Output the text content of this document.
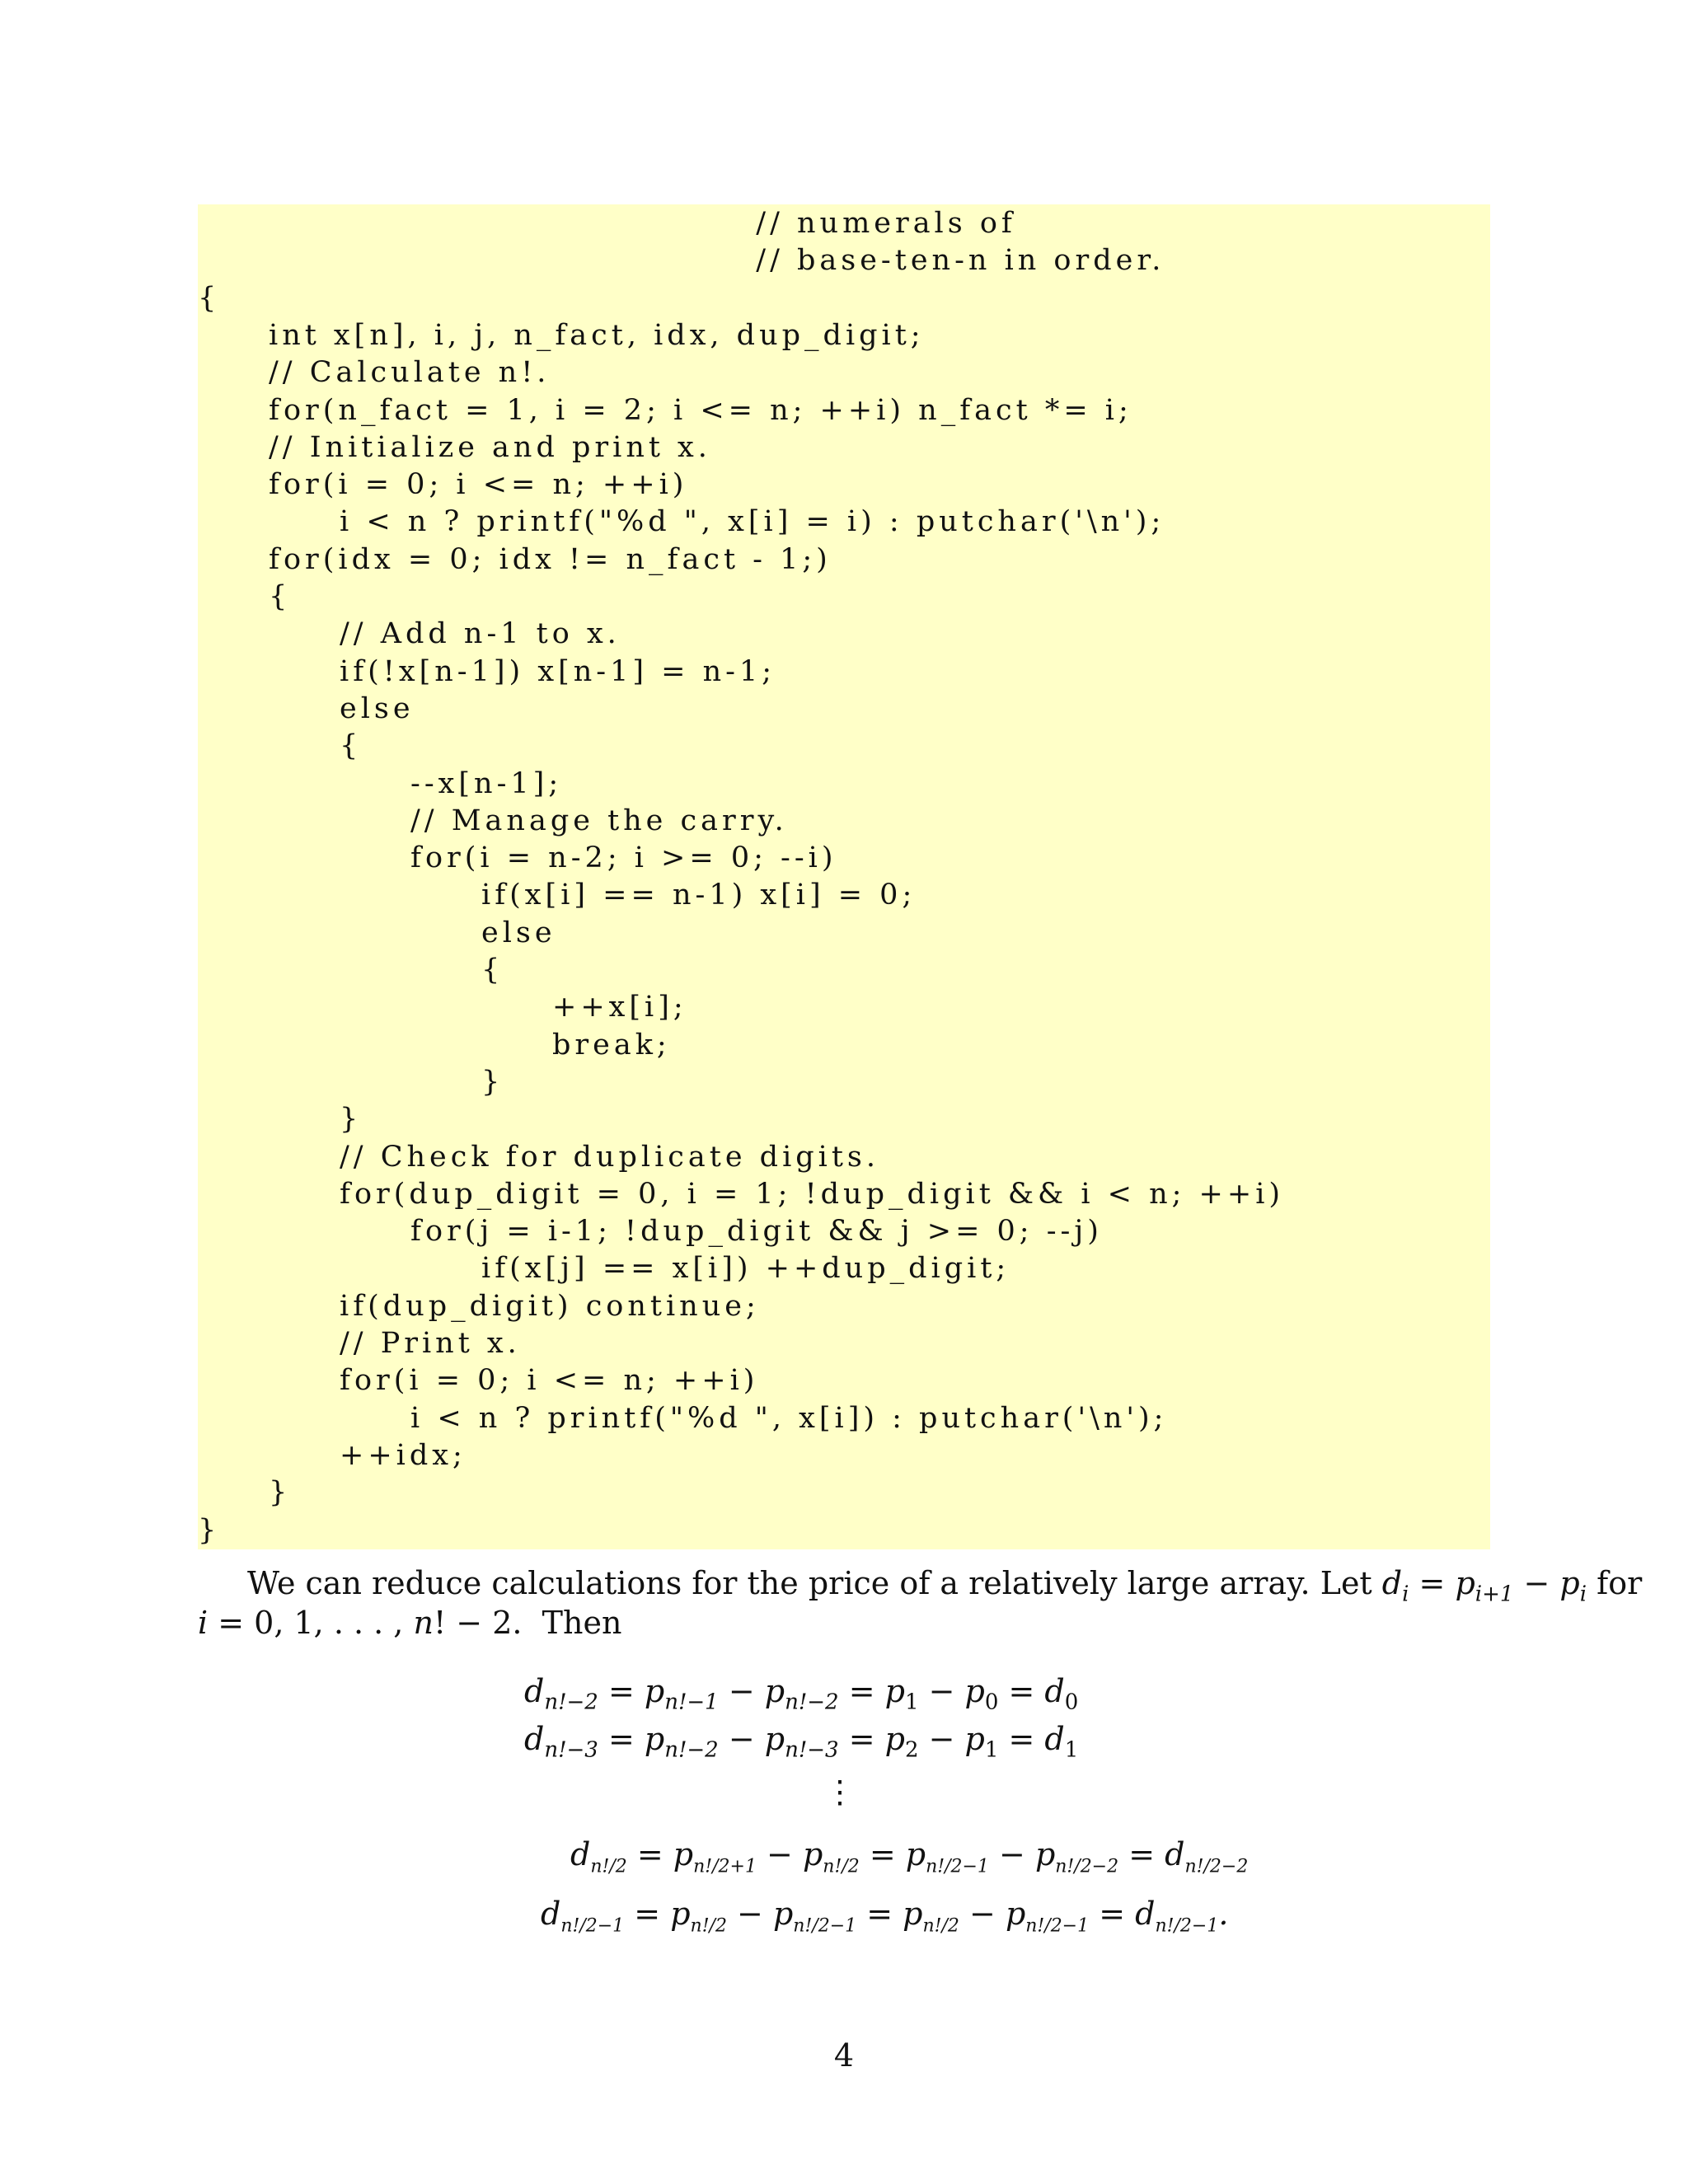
// numerals of
// base-ten-n in order.
{
int x[n], i, j, n_fact, idx, dup_digit;
// Calculate n!.
for(n_fact = 1, i = 2; i <= n; ++i) n_fact *= i;
// Initialize and print x.
for(i = 0; i <= n; ++i)
i < n ? printf("%d ", x[i] = i) : putchar('\n');
for(idx = 0; idx != n_fact - 1;)
{
// Add n-1 to x.
if(!x[n-1]) x[n-1] = n-1;
else
{
--x[n-1];
// Manage the carry.
for(i = n-2; i >= 0; --i)
if(x[i] == n-1) x[i] = 0;
else
{
++x[i];
break;
}
}
// Check for duplicate digits.
for(dup_digit = 0, i = 1; !dup_digit && i < n; ++i)
for(j = i-1; !dup_digit && j >= 0; --j)
if(x[j] == x[i]) ++dup_digit;
if(dup_digit) continue;
// Print x.
for(i = 0; i <= n; ++i)
i < n ? printf("%d ", x[i]) : putchar('\n');
++idx;
}
}
We can reduce calculations for the price of a relatively large array. Let $d_i = p_{i+1} - p_i$ for
i = 0, 1, . . . , n! − 2.  Then
$d_{n!-2} = p_{n!-1} - p_{n!-2} = p_1 - p_0 = d_0$
$d_{n!-3} = p_{n!-2} - p_{n!-3} = p_2 - p_1 = d_1$
⋮
$d_{n!/2} = p_{n!/2+1} - p_{n!/2} = p_{n!/2-1} - p_{n!/2-2} = d_{n!/2-2}$
$d_{n!/2-1} = p_{n!/2} - p_{n!/2-1} = p_{n!/2} - p_{n!/2-1} = d_{n!/2-1}$.
4
